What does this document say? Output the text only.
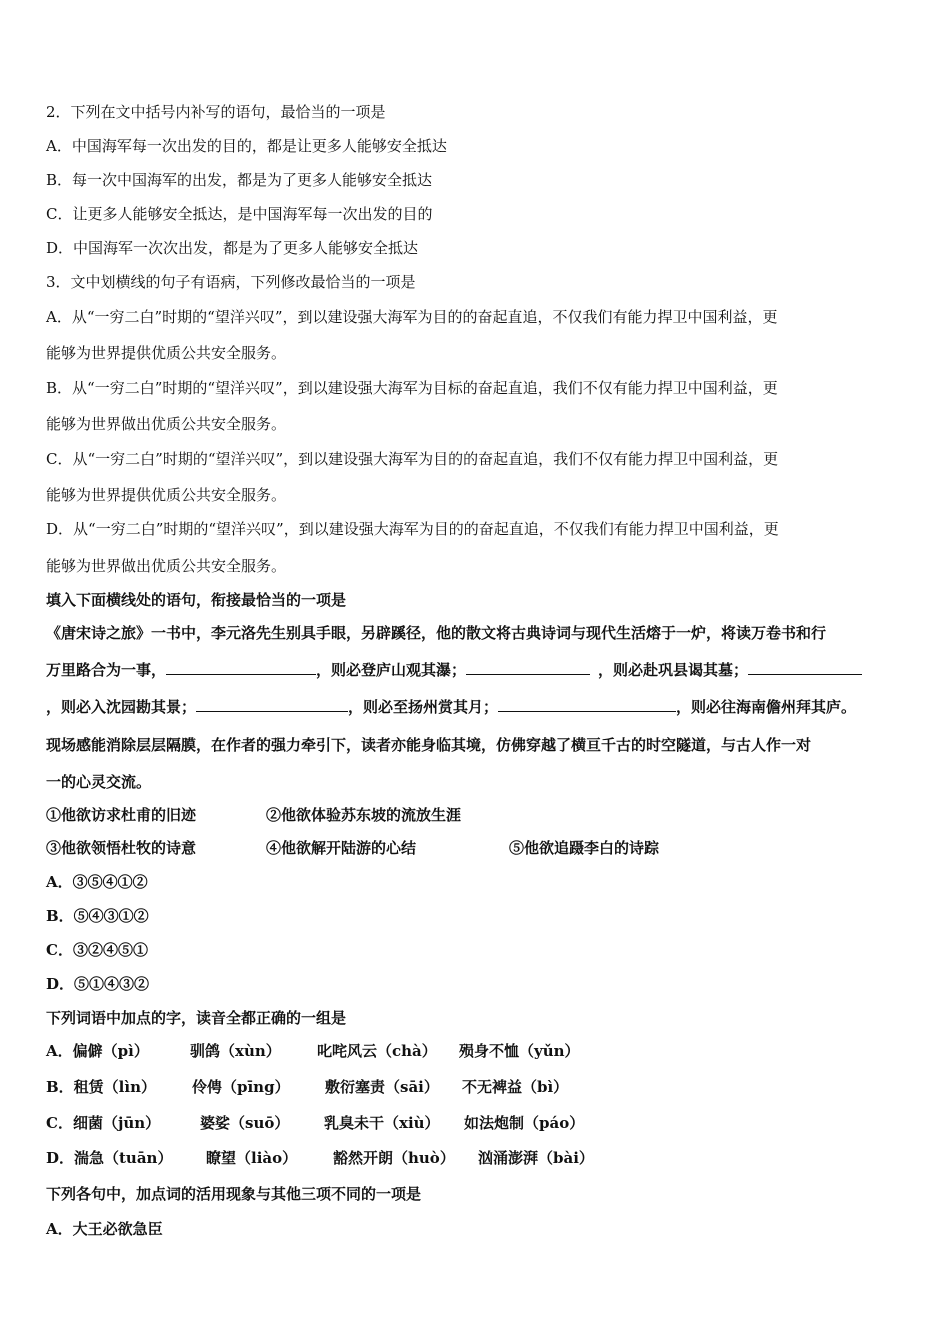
2．下列在文中括号内补写的语句，最恰当的一项是
A．中国海军每一次出发的目的，都是让更多人能够安全抵达
B．每一次中国海军的出发，都是为了更多人能够安全抵达
C．让更多人能够安全抵达，是中国海军每一次出发的目的
D．中国海军一次次出发，都是为了更多人能够安全抵达
3．文中划横线的句子有语病，下列修改最恰当的一项是
A．从“一穷二白”时期的“望洋兴叹”，到以建设强大海军为目的的奋起直追，不仅我们有能力捍卫中国利益，更
能够为世界提供优质公共安全服务。
B．从“一穷二白”时期的“望洋兴叹”，到以建设强大海军为目标的奋起直追，我们不仅有能力捍卫中国利益，更
能够为世界做出优质公共安全服务。
C．从“一穷二白”时期的“望洋兴叹”，到以建设强大海军为目的的奋起直追，我们不仅有能力捍卫中国利益，更
能够为世界提供优质公共安全服务。
D．从“一穷二白”时期的“望洋兴叹”，到以建设强大海军为目的的奋起直追，不仅我们有能力捍卫中国利益，更
能够为世界做出优质公共安全服务。
填入下面横线处的语句，衔接最恰当的一项是
《唐宋诗之旅》一书中，李元洛先生别具手眼，另辟蹊径，他的散文将古典诗词与现代生活熔于一炉，将读万卷书和行
万里路合为一事，	，则必登庐山观其瀑；	，则必赴巩县谒其墓；
，则必入沈园勘其景；	，则必至扬州赏其月；	，则必往海南儋州拜其庐。
现场感能消除层层隔膜，在作者的强力牵引下，读者亦能身临其境，仿佛穿越了横亘千古的时空隧道，与古人作一对
一的心灵交流。
①他欲访求杜甫的旧迹	②他欲体验苏东坡的流放生涯
③他欲领悟杜牧的诗意	④他欲解开陆游的心结	⑤他欲追蹑李白的诗踪
A．③⑤④①②
B．⑤④③①②
C．③②④⑤①
D．⑤①④③②
下列词语中加点的字，读音全都正确的一组是
A．偏僻（pì）	驯鸽（xùn） 叱咤风云（chà） 殒身不恤（yǔn）
B．租赁（lìn） 伶俜（pīng） 敷衍塞责（sāi） 不无裨益（bì）
C．细菌（jūn）	婆娑（suō） 乳臭未干（xiù） 如法炮制（páo）
D．湍急（tuān） 瞭望（liào） 豁然开朗（huò） 汹涌澎湃（bài）
下列各句中，加点词的活用现象与其他三项不同的一项是
A．大王必欲急臣
